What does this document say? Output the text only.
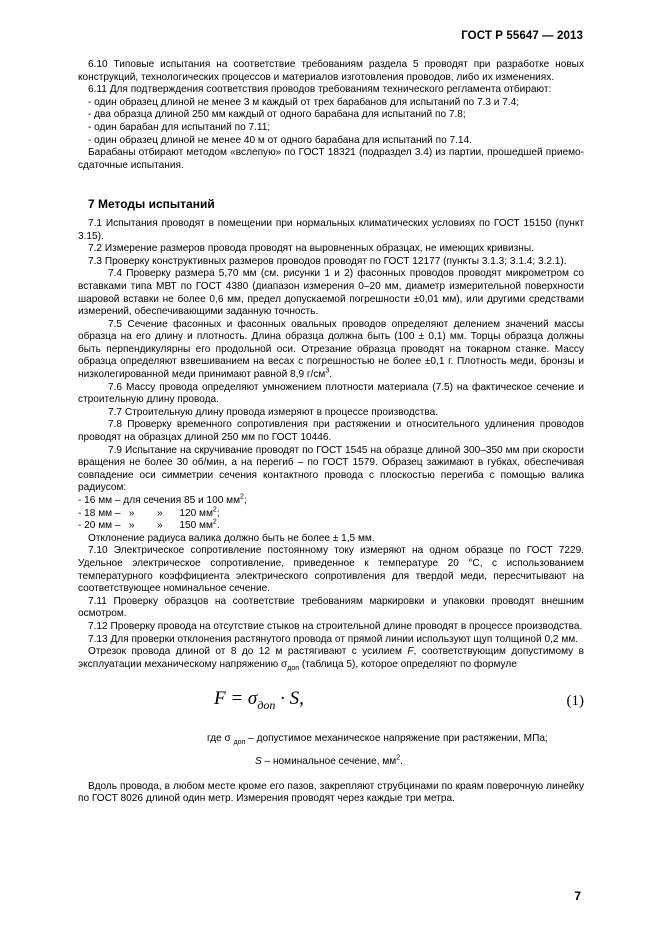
ГОСТ Р 55647 — 2013

6.10 Типовые испытания на соответствие требованиям раздела 5 проводят при разработке новых конструкций, технологических процессов и материалов изготовления проводов, либо их изменениях.

6.11 Для подтверждения соответствия проводов требованиям технического регламента отбирают:

- один образец длиной не менее 3 м каждый от трех барабанов для испытаний по 7.3 и 7.4;

- два образца длиной 250 мм каждый от одного барабана для испытаний по 7.8;

- один барабан для испытаний по 7.11;

- один образец длиной не менее 40 м от одного барабана для испытаний по 7.14.

Барабаны отбирают методом «вслепую» по ГОСТ 18321 (подраздел 3.4) из партии, прошедшей приемо-сдаточные испытания.

7 Методы испытаний

7.1 Испытания проводят в помещении при нормальных климатических условиях по ГОСТ 15150 (пункт 3.15).

7.2 Измерение размеров провода проводят на выровненных образцах, не имеющих кривизны.

7.3 Проверку конструктивных размеров проводов проводят по ГОСТ 12177 (пункты 3.1.3; 3.1.4; 3.2.1).

7.4 Проверку размера 5,70 мм (см. рисунки 1 и 2) фасонных проводов проводят микрометром со вставками типа МВТ по ГОСТ 4380 (диапазон измерения 0–20 мм, диаметр измерительной поверхности шаровой вставки не более 0,6 мм, предел допускаемой погрешности ±0,01 мм), или другими средствами измерений, обеспечивающими заданную точность.

7.5 Сечение фасонных и фасонных овальных проводов определяют делением значений массы образца на его длину и плотность. Длина образца должна быть (100 ± 0,1) мм. Торцы образца должны быть перпендикулярны его продольной оси. Отрезание образца проводят на токарном станке. Массу образца определяют взвешиванием на весах с погрешностью не более ±0,1 г. Плотность меди, бронзы и низколегированной меди принимают равной 8,9 $г/см^3$.

7.6 Массу провода определяют умножением плотности материала (7.5) на фактическое сечение и строительную длину провода.

7.7 Строительную длину провода измеряют в процессе производства.

7.8 Проверку временного сопротивления при растяжении и относительного удлинения проводов проводят на образцах длиной 250 мм по ГОСТ 10446.

7.9 Испытание на скручивание проводят по ГОСТ 1545 на образце длиной 300–350 мм при скорости вращения не более 30 об/мин, а на перегиб – по ГОСТ 1579. Образец зажимают в губках, обеспечивая совпадение оси симметрии сечения контактного провода с плоскостью перегиба с помощью валика радиусом:

- 16 мм – для сечения 85 и 100 $мм^2$;

- 18 мм –   »        »      120 $мм^2$;

- 20 мм –   »        »      150 $мм^2$.

Отклонение радиуса валика должно быть не более ± 1,5 мм.

7.10 Электрическое сопротивление постоянному току измеряют на одном образце по ГОСТ 7229. Удельное электрическое сопротивление, приведенное к температуре 20 °С, с использованием температурного коэффициента электрического сопротивления для твердой меди, пересчитывают на соответствующее номинальное сечение.

7.11 Проверку образцов на соответствие требованиям маркировки и упаковки проводят внешним осмотром.

7.12 Проверку провода на отсутствие стыков на строительной длине проводят в процессе производства.

7.13 Для проверки отклонения растянутого провода от прямой линии используют щуп толщиной 0,2 мм.

Отрезок провода длиной от 8 до 12 м растягивают с усилием F, соответствующим допустимому в эксплуатации механическому напряжению $\sigma_{доп}$ (таблица 5), которое определяют по формуле

$F = \sigma_{доп} \cdot S$,	(1)

где σ $_{доп}$ – допустимое механическое напряжение при растяжении, МПа;

S – номинальное сечение, $мм^2$.

Вдоль провода, в любом месте кроме его пазов, закрепляют струбцинами по краям поверочную линейку по ГОСТ 8026 длиной один метр. Измерения проводят через каждые три метра.

7
